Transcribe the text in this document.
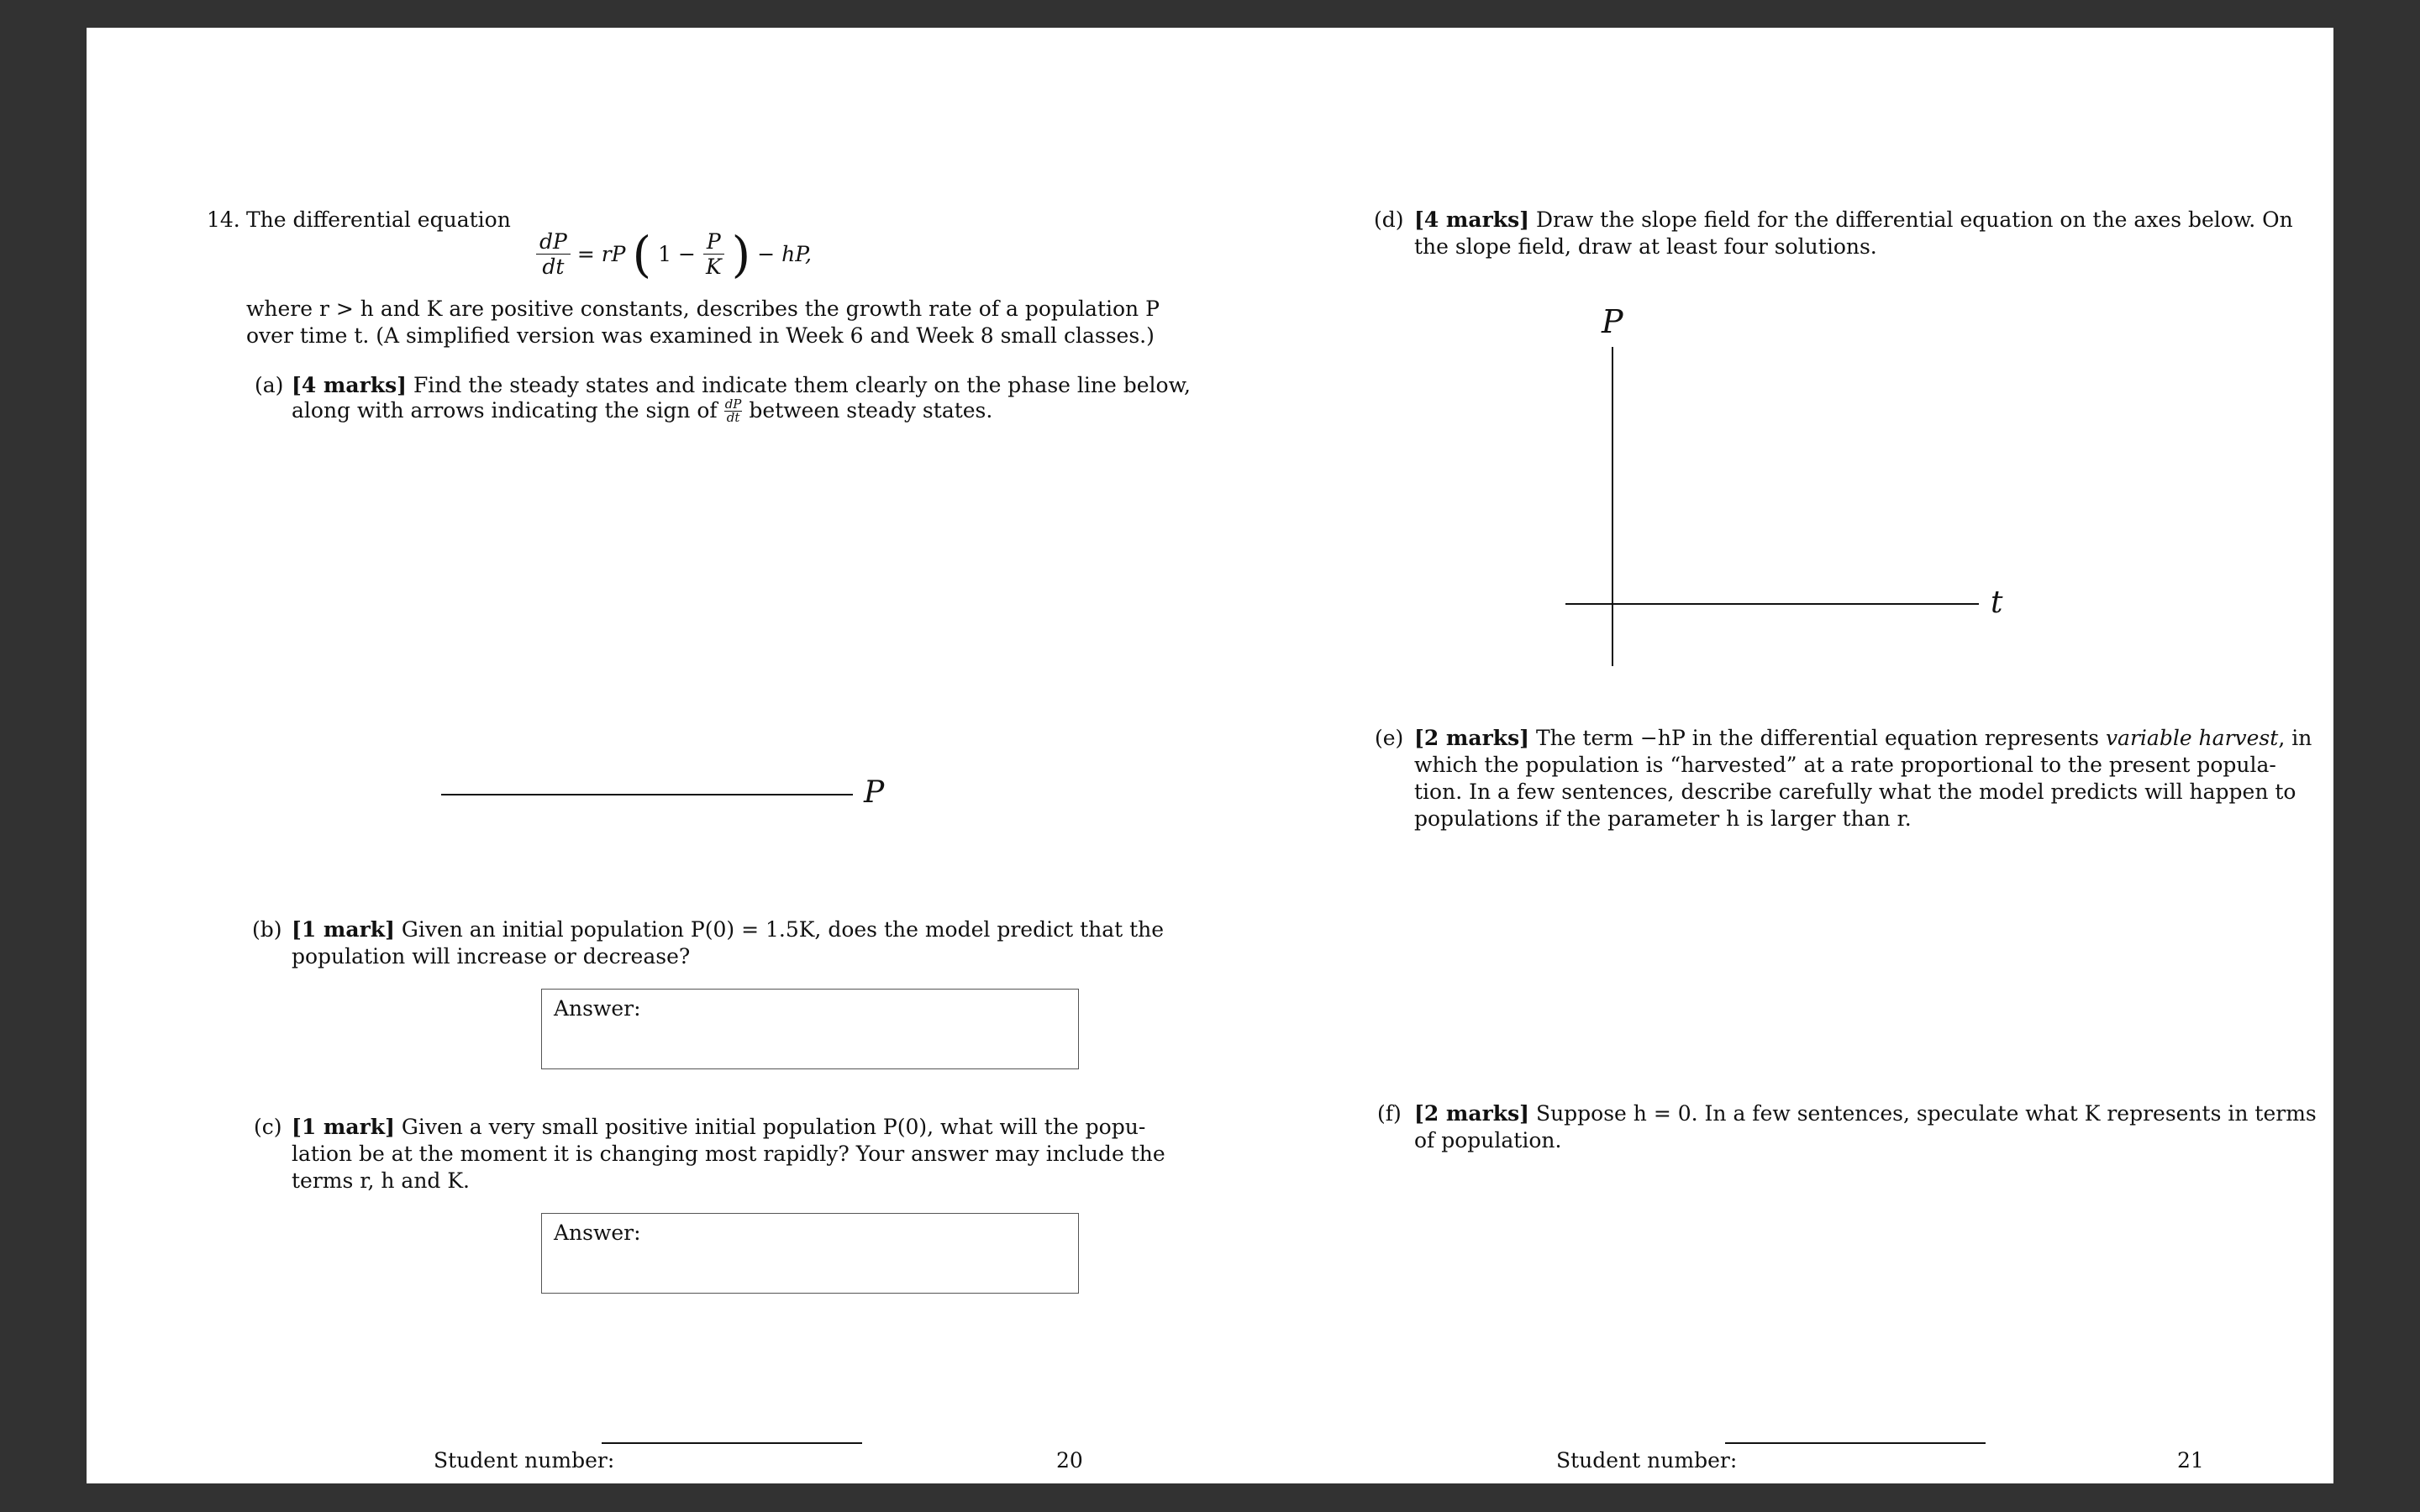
14. The differential equation
$\frac{dP}{dt}$ = rP ( $1 - \frac{P}{K}$ ) − hP,
where r > h and K are positive constants, describes the growth rate of a population P
over time t. (A simplified version was examined in Week 6 and Week 8 small classes.)
(a) [4 marks] Find the steady states and indicate them clearly on the phase line below,
along with arrows indicating the sign of $\frac{dP}{dt}$ between steady states.
P
(b) [1 mark] Given an initial population P(0) = 1.5K, does the model predict that the
population will increase or decrease?
Answer:
(c) [1 mark] Given a very small positive initial population P(0), what will the popu-
lation be at the moment it is changing most rapidly? Your answer may include the
terms r, h and K.
Answer:
Student number:	20
(d) [4 marks] Draw the slope field for the differential equation on the axes below. On
the slope field, draw at least four solutions.
P
t
(e) [2 marks] The term −hP in the differential equation represents variable harvest, in
which the population is “harvested” at a rate proportional to the present popula-
tion. In a few sentences, describe carefully what the model predicts will happen to
populations if the parameter h is larger than r.
(f) [2 marks] Suppose h = 0. In a few sentences, speculate what K represents in terms
of population.
Student number:	21
